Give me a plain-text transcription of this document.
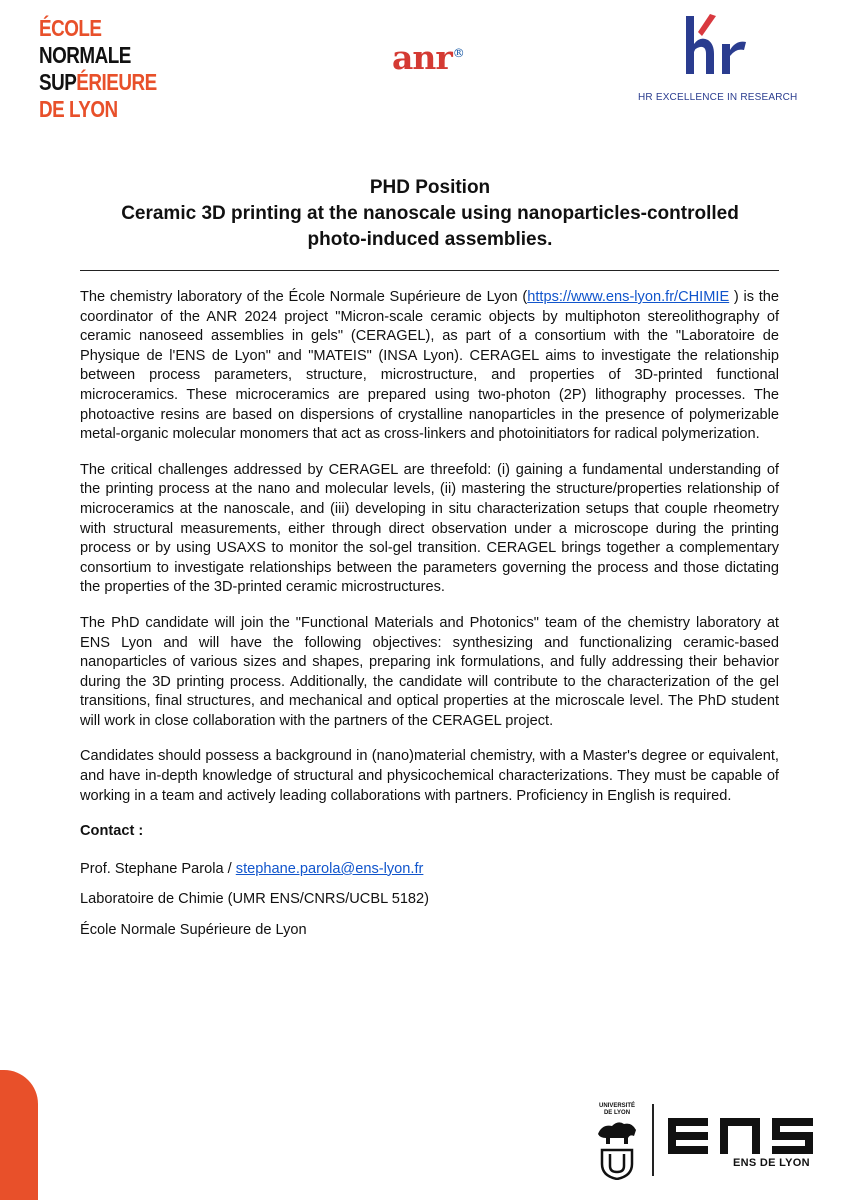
ÉCOLE
NORMALE
SUPÉRIEURE
DE LYON
anr®
HR EXCELLENCE IN RESEARCH
PHD Position
Ceramic 3D printing at the nanoscale using nanoparticles-controlled
photo-induced assemblies.

The chemistry laboratory of the École Normale Supérieure de Lyon (https://www.ens-lyon.fr/CHIMIE ) is the coordinator of the ANR 2024 project "Micron-scale ceramic objects by multiphoton stereolithography of ceramic nanoseed assemblies in gels" (CERAGEL), as part of a consortium with the "Laboratoire de Physique de l'ENS de Lyon" and "MATEIS" (INSA Lyon). CERAGEL aims to investigate the relationship between process parameters, structure, microstructure, and properties of 3D-printed functional microceramics. These microceramics are prepared using two-photon (2P) lithography processes. The photoactive resins are based on dispersions of crystalline nanoparticles in the presence of polymerizable metal-organic molecular monomers that act as cross-linkers and photoinitiators for radical polymerization.

The critical challenges addressed by CERAGEL are threefold: (i) gaining a fundamental understanding of the printing process at the nano and molecular levels, (ii) mastering the structure/properties relationship of microceramics at the nanoscale, and (iii) developing in situ characterization setups that couple rheometry with structural measurements, either through direct observation under a microscope during the printing process or by using USAXS to monitor the sol-gel transition. CERAGEL brings together a complementary consortium to investigate relationships between the parameters governing the process and those dictating the properties of the 3D-printed ceramic microstructures.

The PhD candidate will join the "Functional Materials and Photonics" team of the chemistry laboratory at ENS Lyon and will have the following objectives: synthesizing and functionalizing ceramic-based nanoparticles of various sizes and shapes, preparing ink formulations, and fully addressing their behavior during the 3D printing process. Additionally, the candidate will contribute to the characterization of the gel transitions, final structures, and mechanical and optical properties at the microscale level. The PhD student will work in close collaboration with the partners of the CERAGEL project.

Candidates should possess a background in (nano)material chemistry, with a Master's degree or equivalent, and have in-depth knowledge of structural and physicochemical characterizations. They must be capable of working in a team and actively leading collaborations with partners. Proficiency in English is required.

Contact :
Prof. Stephane Parola / stephane.parola@ens-lyon.fr
Laboratoire de Chimie (UMR ENS/CNRS/UCBL 5182)
École Normale Supérieure de Lyon
UNIVERSITÉ
DE LYON
ENS DE LYON
